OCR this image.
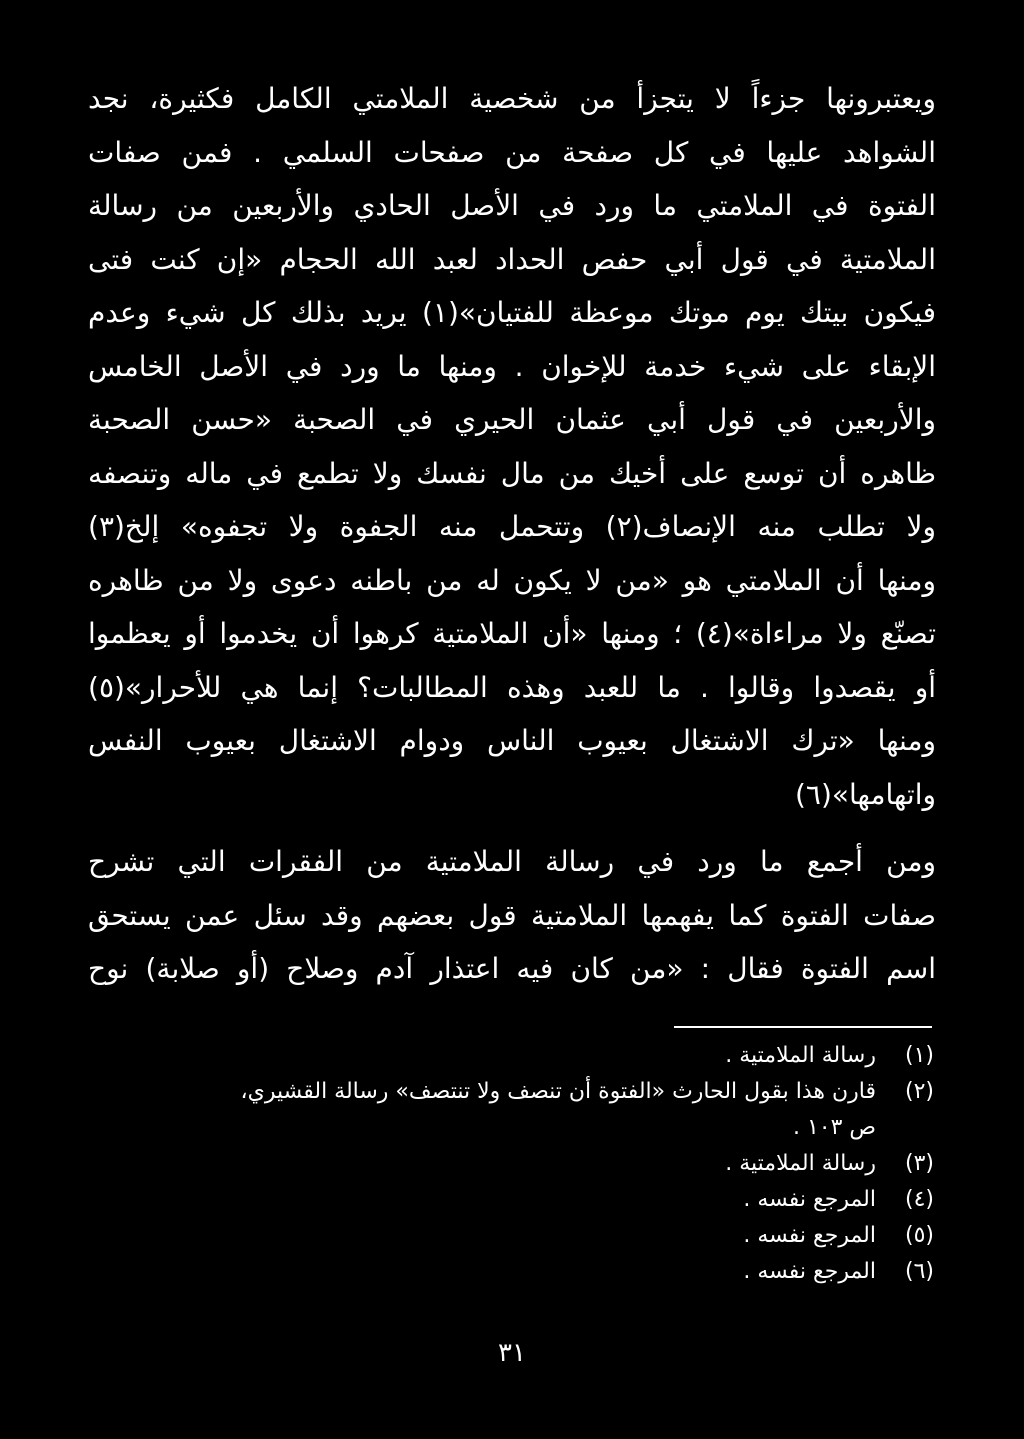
ويعتبرونها جزءاً لا يتجزأ من شخصية الملامتي الكامل فكثيرة، نجد
الشواهد عليها في كل صفحة من صفحات السلمي . فمن صفات
الفتوة في الملامتي ما ورد في الأصل الحادي والأربعين من رسالة
الملامتية في قول أبي حفص الحداد لعبد الله الحجام «إن كنت فتى
فيكون بيتك يوم موتك موعظة للفتيان»(١) يريد بذلك كل شيء وعدم
الإبقاء على شيء خدمة للإخوان . ومنها ما ورد في الأصل الخامس
والأربعين في قول أبي عثمان الحيري في الصحبة «حسن الصحبة
ظاهره أن توسع على أخيك من مال نفسك ولا تطمع في ماله وتنصفه
ولا تطلب منه الإنصاف(٢) وتتحمل منه الجفوة ولا تجفوه» إلخ(٣)
ومنها أن الملامتي هو «من لا يكون له من باطنه دعوى ولا من ظاهره
تصنّع ولا مراءاة»(٤) ؛ ومنها «أن الملامتية كرهوا أن يخدموا أو يعظموا
أو يقصدوا وقالوا . ما للعبد وهذه المطالبات؟ إنما هي للأحرار»(٥)
ومنها «ترك الاشتغال بعيوب الناس ودوام الاشتغال بعيوب النفس
واتهامها»(٦)
ومن أجمع ما ورد في رسالة الملامتية من الفقرات التي تشرح
صفات الفتوة كما يفهمها الملامتية قول بعضهم وقد سئل عمن يستحق
اسم الفتوة فقال : «من كان فيه اعتذار آدم وصلاح (أو صلابة) نوح
(١)رسالة الملامتية .
(٢)قارن هذا بقول الحارث «الفتوة أن تنصف ولا تنتصف» رسالة القشيري،
ص ١٠٣ .
(٣)رسالة الملامتية .
(٤)المرجع نفسه .
(٥)المرجع نفسه .
(٦)المرجع نفسه .
٣١
